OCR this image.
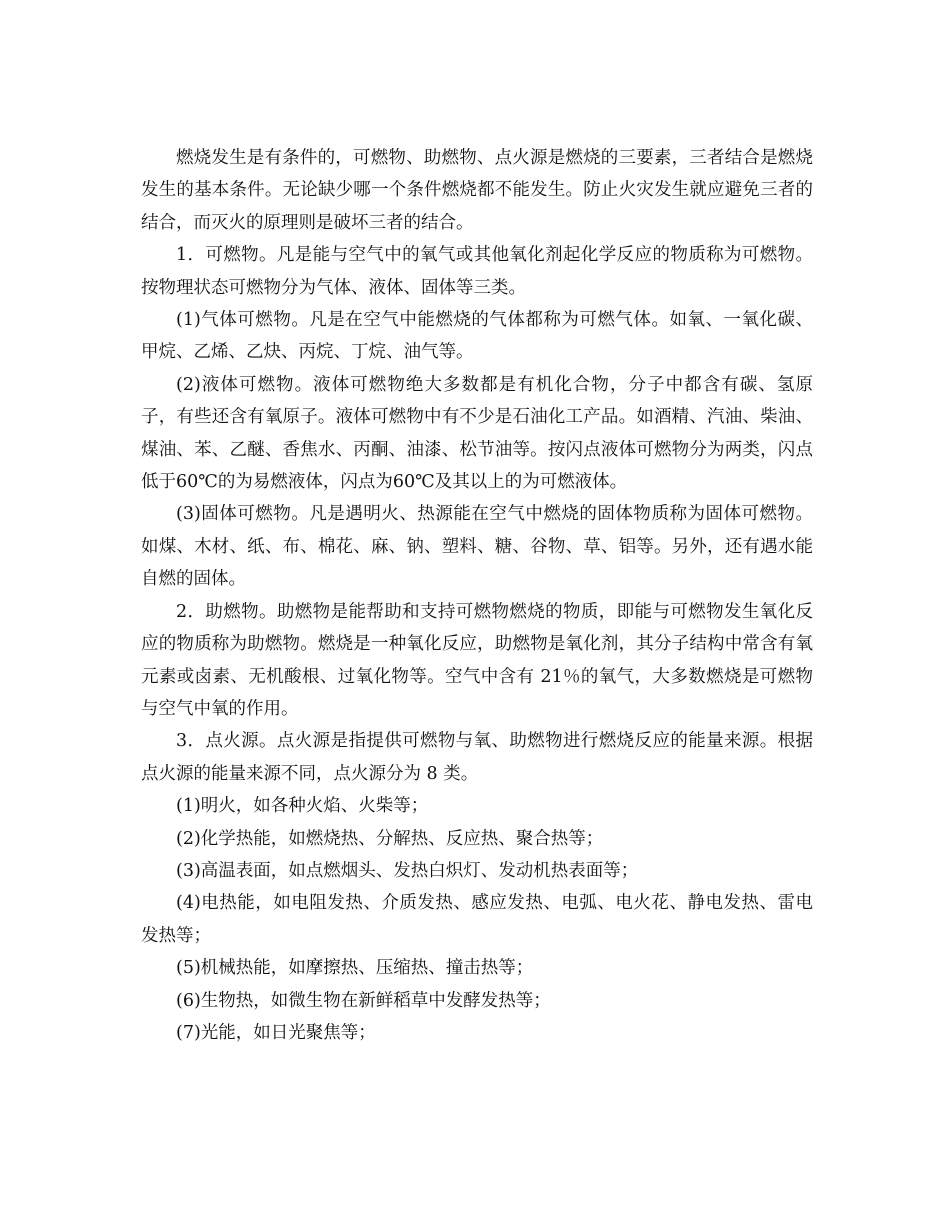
燃烧发生是有条件的，可燃物、助燃物、点火源是燃烧的三要素，三者结合是燃烧发生的基本条件。无论缺少哪一个条件燃烧都不能发生。防止火灾发生就应避免三者的结合，而灭火的原理则是破坏三者的结合。

1．可燃物。凡是能与空气中的氧气或其他氧化剂起化学反应的物质称为可燃物。按物理状态可燃物分为气体、液体、固体等三类。

(1)气体可燃物。凡是在空气中能燃烧的气体都称为可燃气体。如氧、一氧化碳、甲烷、乙烯、乙炔、丙烷、丁烷、油气等。

(2)液体可燃物。液体可燃物绝大多数都是有机化合物，分子中都含有碳、氢原子，有些还含有氧原子。液体可燃物中有不少是石油化工产品。如酒精、汽油、柴油、煤油、苯、乙醚、香焦水、丙酮、油漆、松节油等。按闪点液体可燃物分为两类，闪点低于60℃的为易燃液体，闪点为60℃及其以上的为可燃液体。

(3)固体可燃物。凡是遇明火、热源能在空气中燃烧的固体物质称为固体可燃物。如煤、木材、纸、布、棉花、麻、钠、塑料、糖、谷物、草、铝等。另外，还有遇水能自燃的固体。

2．助燃物。助燃物是能帮助和支持可燃物燃烧的物质，即能与可燃物发生氧化反应的物质称为助燃物。燃烧是一种氧化反应，助燃物是氧化剂，其分子结构中常含有氧元素或卤素、无机酸根、过氧化物等。空气中含有 21％的氧气，大多数燃烧是可燃物与空气中氧的作用。

3．点火源。点火源是指提供可燃物与氧、助燃物进行燃烧反应的能量来源。根据点火源的能量来源不同，点火源分为 8 类。

(1)明火，如各种火焰、火柴等；

(2)化学热能，如燃烧热、分解热、反应热、聚合热等；

(3)高温表面，如点燃烟头、发热白炽灯、发动机热表面等；

(4)电热能，如电阻发热、介质发热、感应发热、电弧、电火花、静电发热、雷电发热等；

(5)机械热能，如摩擦热、压缩热、撞击热等；

(6)生物热，如微生物在新鲜稻草中发酵发热等；

(7)光能，如日光聚焦等；
